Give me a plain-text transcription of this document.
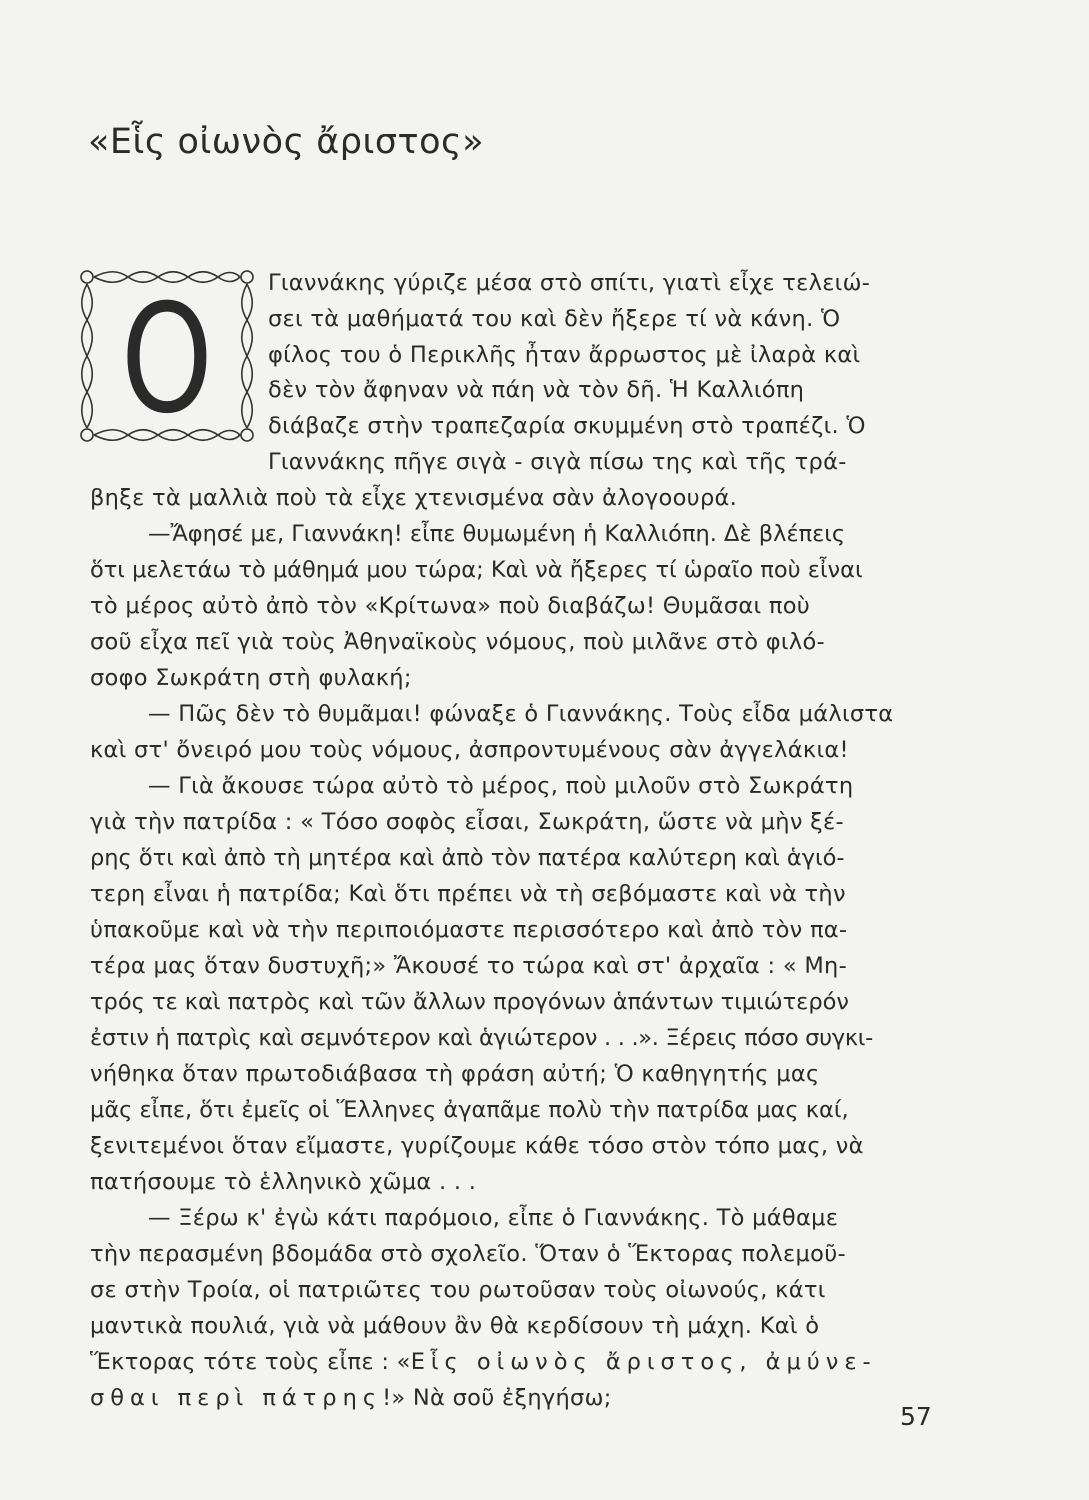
«Εἷς οἰωνὸς ἄριστος»
Ο Γιαννάκης γύριζε μέσα στὸ σπίτι, γιατὶ εἶχε τελειώ-
σει τὰ μαθήματά του καὶ δὲν ἤξερε τί νὰ κάνη. Ὁ
φίλος του ὁ Περικλῆς ἦταν ἄρρωστος μὲ ἰλαρὰ καὶ
δὲν τὸν ἄφηναν νὰ πάη νὰ τὸν δῆ. Ἡ Καλλιόπη
διάβαζε στὴν τραπεζαρία σκυμμένη στὸ τραπέζι. Ὁ
Γιαννάκης πῆγε σιγὰ - σιγὰ πίσω της καὶ τῆς τρά-
βηξε τὰ μαλλιὰ ποὺ τὰ εἶχε χτενισμένα σὰν ἀλογοουρά.
—Ἄφησέ με, Γιαννάκη! εἶπε θυμωμένη ἡ Καλλιόπη. Δὲ βλέπεις
ὅτι μελετάω τὸ μάθημά μου τώρα; Καὶ νὰ ἤξερες τί ὡραῖο ποὺ εἶναι
τὸ μέρος αὐτὸ ἀπὸ τὸν «Κρίτωνα» ποὺ διαβάζω! Θυμᾶσαι ποὺ
σοῦ εἶχα πεῖ γιὰ τοὺς Ἀθηναϊκοὺς νόμους, ποὺ μιλᾶνε στὸ φιλό-
σοφο Σωκράτη στὴ φυλακή;
— Πῶς δὲν τὸ θυμᾶμαι! φώναξε ὁ Γιαννάκης. Τοὺς εἶδα μάλιστα
καὶ στ' ὄνειρό μου τοὺς νόμους, ἀσπροντυμένους σὰν ἀγγελάκια!
— Γιὰ ἄκουσε τώρα αὐτὸ τὸ μέρος, ποὺ μιλοῦν στὸ Σωκράτη
γιὰ τὴν πατρίδα : « Τόσο σοφὸς εἶσαι, Σωκράτη, ὥστε νὰ μὴν ξέ-
ρης ὅτι καὶ ἀπὸ τὴ μητέρα καὶ ἀπὸ τὸν πατέρα καλύτερη καὶ ἁγιό-
τερη εἶναι ἡ πατρίδα; Καὶ ὅτι πρέπει νὰ τὴ σεβόμαστε καὶ νὰ τὴν
ὑπακοῦμε καὶ νὰ τὴν περιποιόμαστε περισσότερο καὶ ἀπὸ τὸν πα-
τέρα μας ὅταν δυστυχῆ;» Ἄκουσέ το τώρα καὶ στ' ἀρχαῖα : « Μη-
τρός τε καὶ πατρὸς καὶ τῶν ἄλλων προγόνων ἁπάντων τιμιώτερόν
ἐστιν ἡ πατρὶς καὶ σεμνότερον καὶ ἁγιώτερον . . .». Ξέρεις πόσο συγκι-
νήθηκα ὅταν πρωτοδιάβασα τὴ φράση αὐτή; Ὁ καθηγητής μας
μᾶς εἶπε, ὅτι ἐμεῖς οἱ Ἕλληνες ἀγαπᾶμε πολὺ τὴν πατρίδα μας καί,
ξενιτεμένοι ὅταν εἴμαστε, γυρίζουμε κάθε τόσο στὸν τόπο μας, νὰ
πατήσουμε τὸ ἑλληνικὸ χῶμα . . .
— Ξέρω κ' ἐγὼ κάτι παρόμοιο, εἶπε ὁ Γιαννάκης. Τὸ μάθαμε
τὴν περασμένη βδομάδα στὸ σχολεῖο. Ὅταν ὁ Ἕκτορας πολεμοῦ-
σε στὴν Τροία, οἱ πατριῶτες του ρωτοῦσαν τοὺς οἰωνούς, κάτι
μαντικὰ πουλιά, γιὰ νὰ μάθουν ἂν θὰ κερδίσουν τὴ μάχη. Καὶ ὁ
Ἕκτορας τότε τοὺς εἶπε : «Εἷς οἰωνὸς ἄριστος, ἀμύνε-
σθαι περὶ πάτρης!» Νὰ σοῦ ἐξηγήσω;
57
